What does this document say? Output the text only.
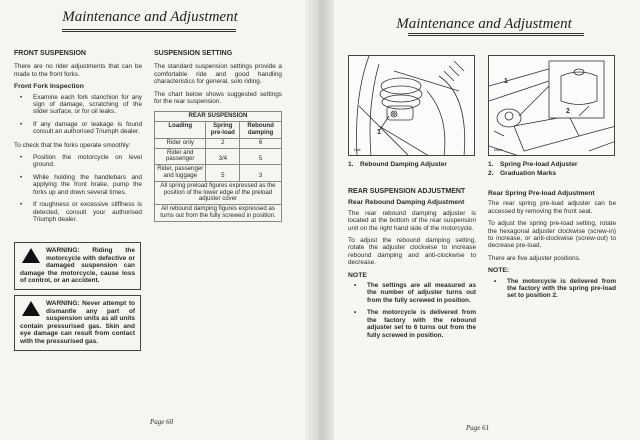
Maintenance and Adjustment
FRONT SUSPENSION

There are no rider adjustments that can be made to the front forks.

Front Fork Inspection
• Examine each fork stanchion for any sign of damage, scratching of the slider surface, or for oil leaks.
• If any damage or leakage is found consult an authorised Triumph dealer.

To check that the forks operate smoothly:

• Position the motorcycle on level ground.
• While holding the handlebars and applying the front brake, pump the forks up and down several times.
• If roughness or excessive stiffness is detected, consult your authorised Triumph dealer.
WARNING: Riding the motorcycle with defective or damaged suspension can damage the motorcycle, cause loss of control, or an accident.
WARNING: Never attempt to dismantle any part of suspension units as all units contain pressurised gas. Skin and eye damage can result from contact with the pressurised gas.
SUSPENSION SETTING

The standard suspension settings provide a comfortable ride and good handling characteristics for general, solo riding.

The chart below shows suggested settings for the rear suspension.

REAR SUSPENSION		
Loading	Spring pre-load	Rebound damping
Rider only	2	6
Rider and passenger	3/4	5
Rider, passenger and luggage	5	3
All spring preload figures expressed as the position of the lower edge of the preload adjuster cover		
All rebound damping figures expressed as turns out from the fully screwed in position.		
Page 60
Maintenance and Adjustment
1
kabl
1
2
kabm
1. Rebound Damping Adjuster	1. Spring Pre-load Adjuster
2. Graduation Marks
REAR SUSPENSION ADJUSTMENT
Rear Rebound Damping Adjustment

The rear rebound damping adjuster is located at the bottom of the rear suspension unit on the right hand side of the motorcycle.

To adjust the rebound damping setting, rotate the adjuster clockwise to increase rebound damping and anti-clockwise to decrease.

NOTE
• The settings are all measured as the number of adjuster turns out from the fully screwed in position.
• The motorcycle is delivered from the factory with the rebound adjuster set to 6 turns out from the fully screwed in position.
Rear Spring Pre-load Adjustment

The rear spring pre-load adjuster can be accessed by removing the front seat.

To adjust the spring pre-load setting, rotate the hexagonal adjuster clockwise (screw-in) to increase, or anti-clockwise (screw-out) to decrease pre-load.

There are five adjuster positions.

NOTE:
• The motorcycle is delivered from the factory with the spring pre-load set to position 2.
Page 61
